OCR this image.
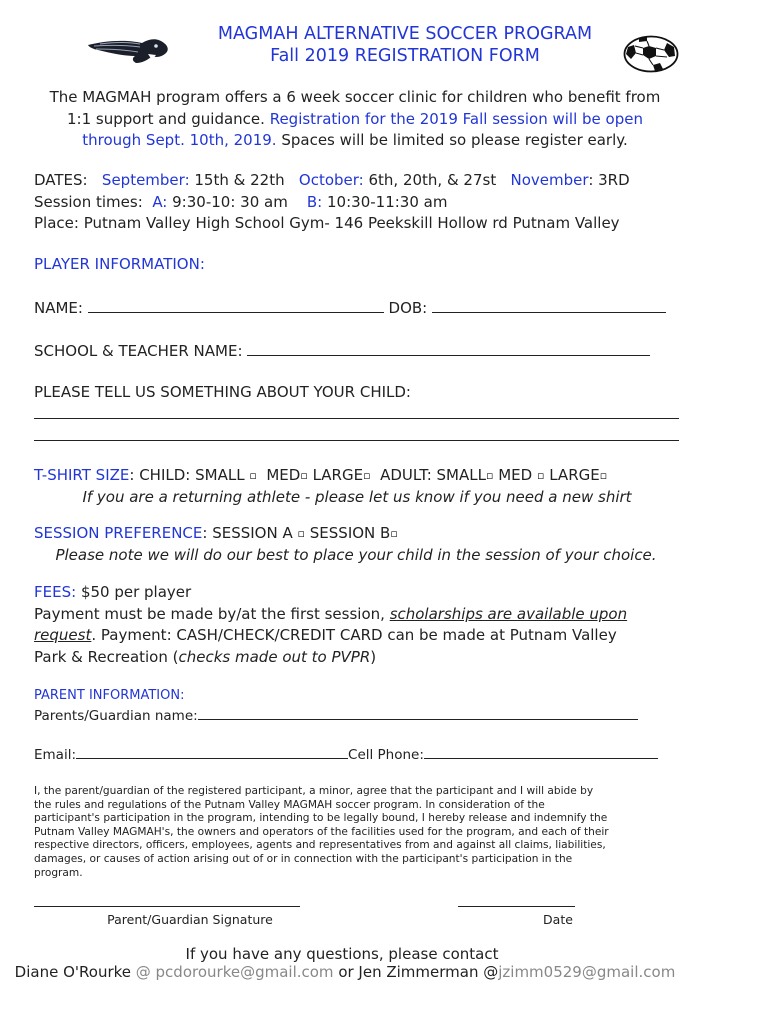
MAGMAH ALTERNATIVE SOCCER PROGRAM
Fall 2019 REGISTRATION FORM
The MAGMAH program offers a 6 week soccer clinic for children who benefit from
1:1 support and guidance. Registration for the 2019 Fall session will be open
through Sept. 10th, 2019. Spaces will be limited so please register early.
DATES: September: 15th & 22th October: 6th, 20th, & 27st November: 3RD
Session times: A: 9:30-10: 30 am B: 10:30-11:30 am
Place: Putnam Valley High School Gym- 146 Peekskill Hollow rd Putnam Valley
PLAYER INFORMATION:
NAME:	DOB:
SCHOOL & TEACHER NAME:
PLEASE TELL US SOMETHING ABOUT YOUR CHILD:
T-SHIRT SIZE: CHILD: SMALL ▫ MED▫ LARGE▫ ADULT: SMALL▫ MED ▫ LARGE▫
If you are a returning athlete - please let us know if you need a new shirt
SESSION PREFERENCE: SESSION A ▫ SESSION B▫
Please note we will do our best to place your child in the session of your choice.
FEES: $50 per player
Payment must be made by/at the first session, scholarships are available upon
request. Payment: CASH/CHECK/CREDIT CARD can be made at Putnam Valley
Park & Recreation (checks made out to PVPR)
PARENT INFORMATION:
Parents/Guardian name:
Email:	Cell Phone:
I, the parent/guardian of the registered participant, a minor, agree that the participant and I will abide by
the rules and regulations of the Putnam Valley MAGMAH soccer program. In consideration of the
participant's participation in the program, intending to be legally bound, I hereby release and indemnify the
Putnam Valley MAGMAH's, the owners and operators of the facilities used for the program, and each of their
respective directors, officers, employees, agents and representatives from and against all claims, liabilities,
damages, or causes of action arising out of or in connection with the participant's participation in the
program.
Parent/Guardian Signature	Date
If you have any questions, please contact
Diane O'Rourke @ pcdorourke@gmail.com or Jen Zimmerman @jzimm0529@gmail.com
